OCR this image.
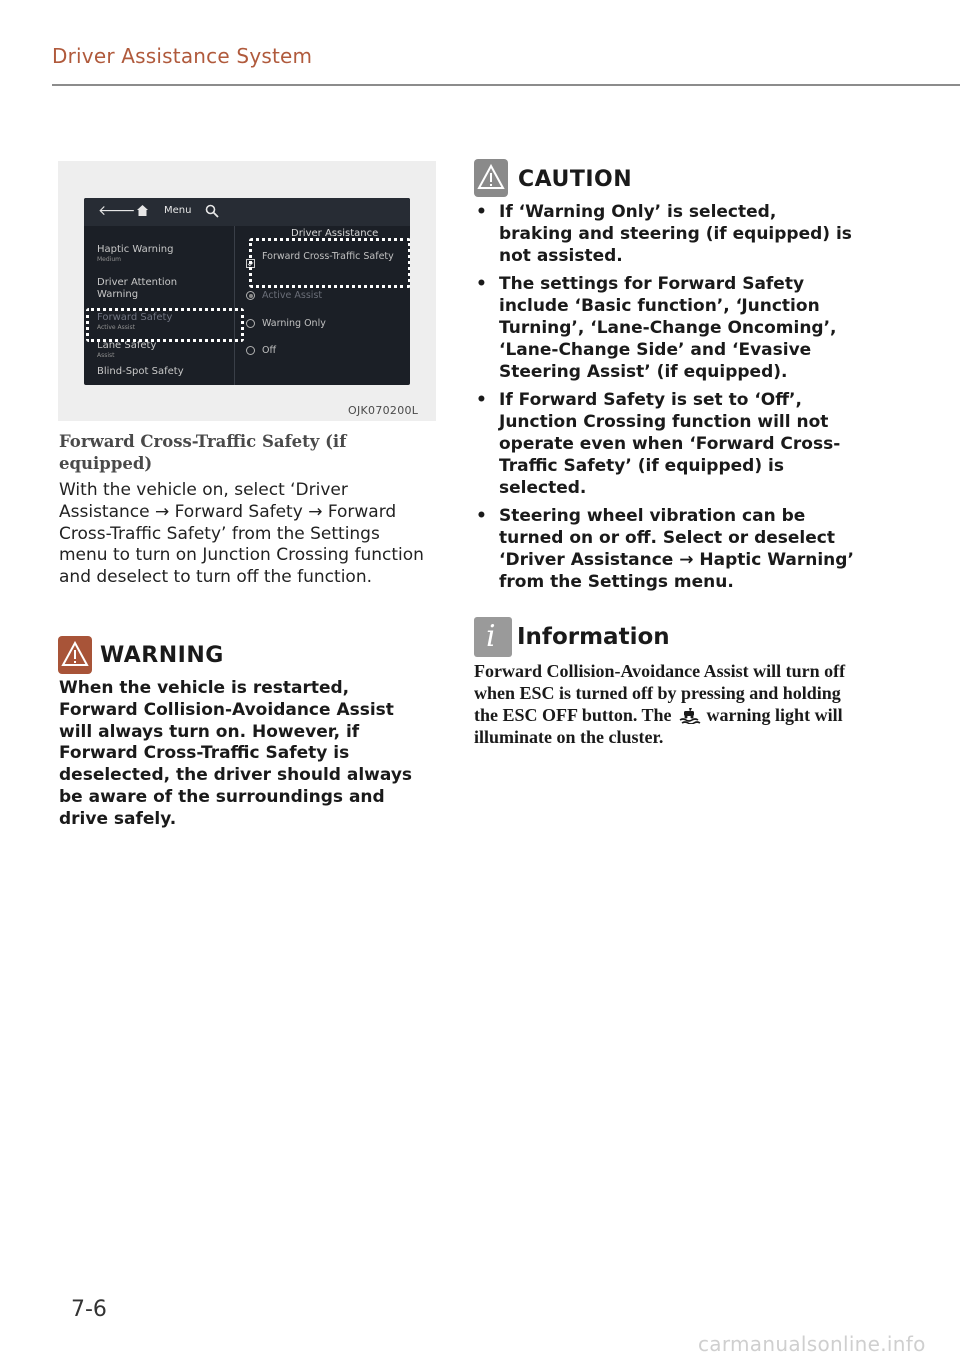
Driver Assistance System
🡐	Menu
Haptic Warning
Medium
Driver Attention Warning
Forward Safety
Active Assist
Lane Safety
Assist
Blind-Spot Safety
Driver Assistance
Forward Cross-Traffic Safety
Active Assist
Warning Only
Off
OJK070200L
Forward Cross-Traffic Safety (if equipped)
With the vehicle on, select ‘Driver Assistance → Forward Safety → Forward Cross-Traffic Safety’ from the Settings menu to turn on Junction Crossing function and deselect to turn off the function.
WARNING
When the vehicle is restarted, Forward Collision-Avoidance Assist will always turn on. However, if Forward Cross-Traffic Safety is deselected, the driver should always be aware of the surroundings and drive safely.
CAUTION
• If ‘Warning Only’ is selected, braking and steering (if equipped) is not assisted.
• The settings for Forward Safety include ‘Basic function’, ‘Junction Turning’, ‘Lane-Change Oncoming’, ‘Lane-Change Side’ and ‘Evasive Steering Assist’ (if equipped).
• If Forward Safety is set to ‘Off’, Junction Crossing function will not operate even when ‘Forward Cross-Traffic Safety’ (if equipped) is selected.
• Steering wheel vibration can be turned on or off. Select or deselect ‘Driver Assistance → Haptic Warning’ from the Settings menu.
i Information
Forward Collision-Avoidance Assist will turn off when ESC is turned off by pressing and holding the ESC OFF button. The warning light will illuminate on the cluster.
7-6
carmanualsonline.info
